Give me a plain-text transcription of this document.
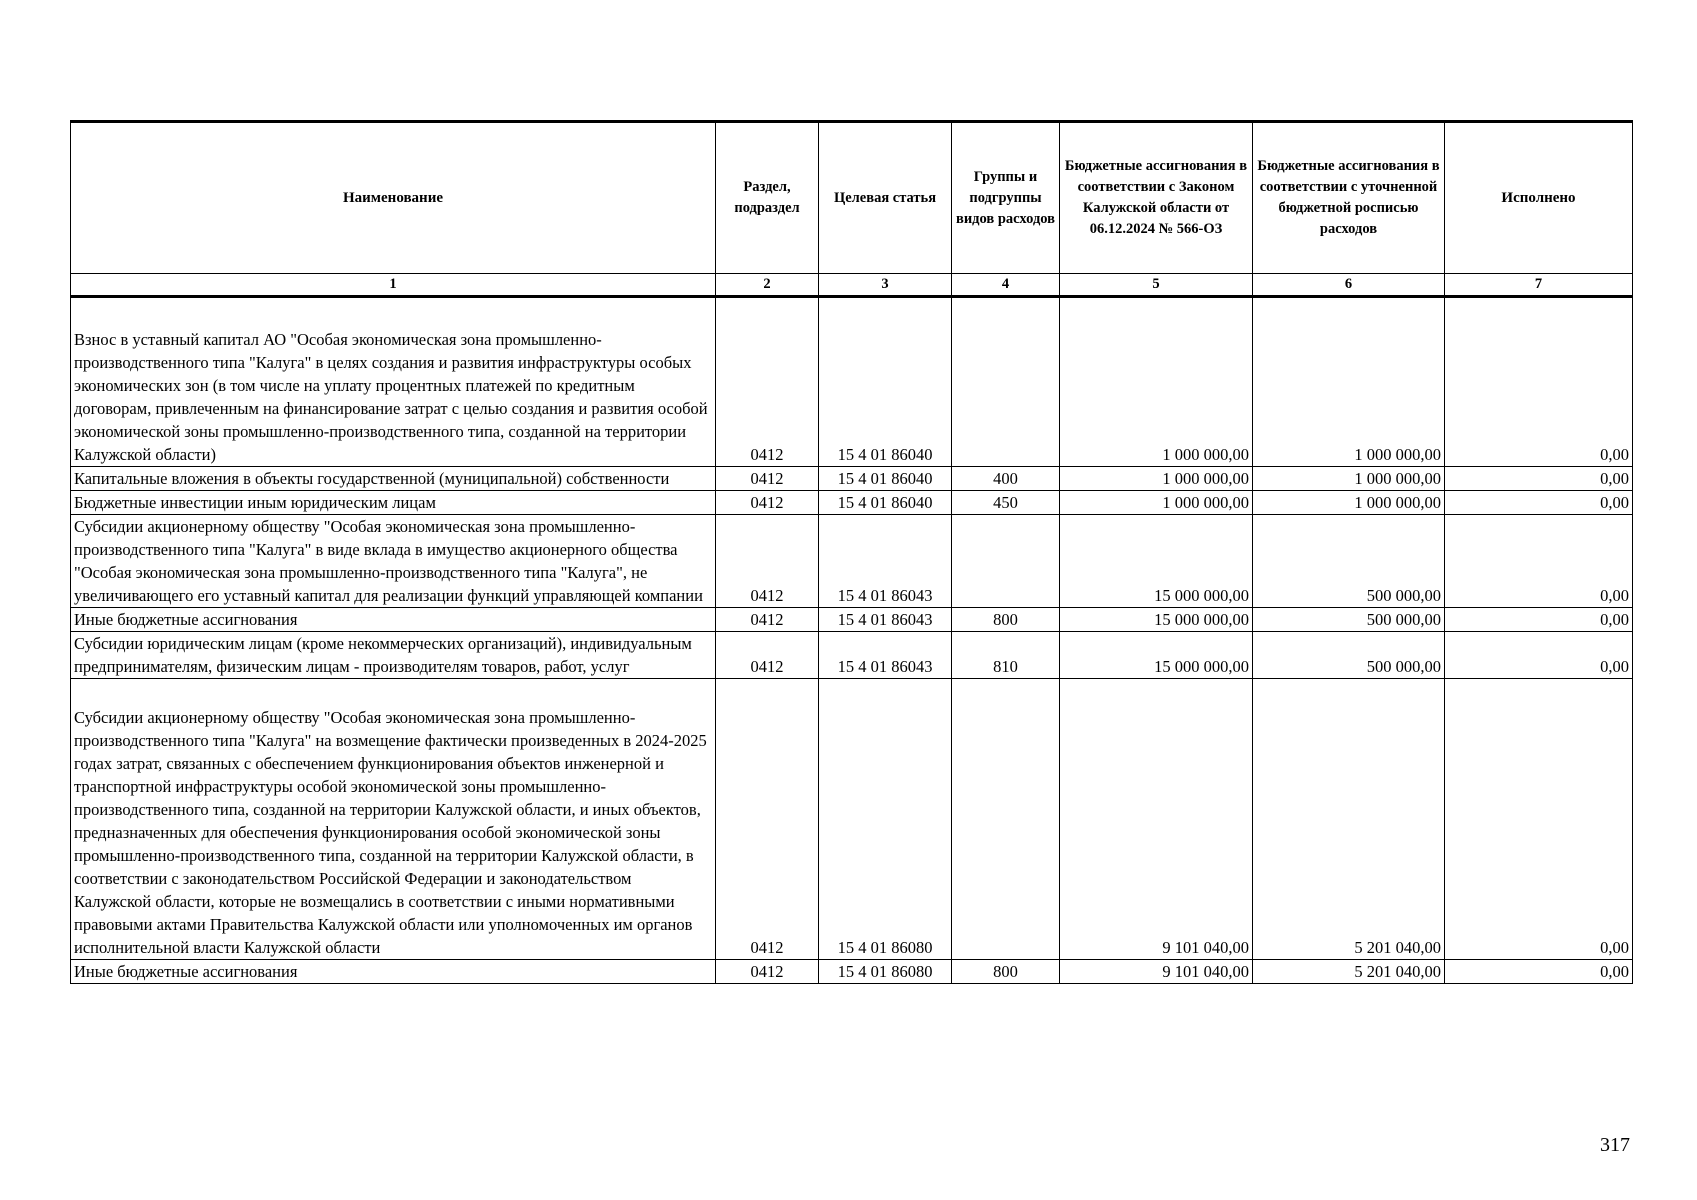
Наименование	Раздел, подраздел	Целевая статья	Группы и подгруппы видов расходов	Бюджетные ассигнования в соответствии с Законом Калужской области от 06.12.2024 № 566-ОЗ	Бюджетные ассигнования в соответствии с уточненной бюджетной росписью расходов	Исполнено
1	2	3	4	5	6	7
Взнос в уставный капитал АО "Особая экономическая зона промышленно-производственного типа "Калуга" в целях создания и развития инфраструктуры особых экономических зон (в том числе на уплату процентных платежей по кредитным договорам, привлеченным на финансирование затрат с целью создания и развития особой экономической зоны промышленно-производственного типа, созданной на территории Калужской области)	0412	15 4 01 86040		1 000 000,00	1 000 000,00	0,00
Капитальные вложения в объекты государственной (муниципальной) собственности	0412	15 4 01 86040	400	1 000 000,00	1 000 000,00	0,00
Бюджетные инвестиции иным юридическим лицам	0412	15 4 01 86040	450	1 000 000,00	1 000 000,00	0,00
Субсидии акционерному обществу "Особая экономическая зона промышленно-производственного типа "Калуга" в виде вклада в имущество акционерного общества "Особая экономическая зона промышленно-производственного типа "Калуга", не увеличивающего его уставный капитал для реализации функций управляющей компании	0412	15 4 01 86043		15 000 000,00	500 000,00	0,00
Иные бюджетные ассигнования	0412	15 4 01 86043	800	15 000 000,00	500 000,00	0,00
Субсидии юридическим лицам (кроме некоммерческих организаций), индивидуальным предпринимателям, физическим лицам - производителям товаров, работ, услуг	0412	15 4 01 86043	810	15 000 000,00	500 000,00	0,00
Субсидии акционерному обществу "Особая экономическая зона промышленно-производственного типа "Калуга" на возмещение фактически произведенных в 2024-2025 годах затрат, связанных с обеспечением функционирования объектов инженерной и транспортной инфраструктуры особой экономической зоны промышленно-производственного типа, созданной на территории Калужской области, и иных объектов, предназначенных для обеспечения функционирования особой экономической зоны промышленно-производственного типа, созданной на территории Калужской области, в соответствии с законодательством Российской Федерации и законодательством Калужской области, которые не возмещались в соответствии с иными нормативными правовыми актами Правительства Калужской области или уполномоченных им органов исполнительной власти Калужской области	0412	15 4 01 86080		9 101 040,00	5 201 040,00	0,00
Иные бюджетные ассигнования	0412	15 4 01 86080	800	9 101 040,00	5 201 040,00	0,00
317
